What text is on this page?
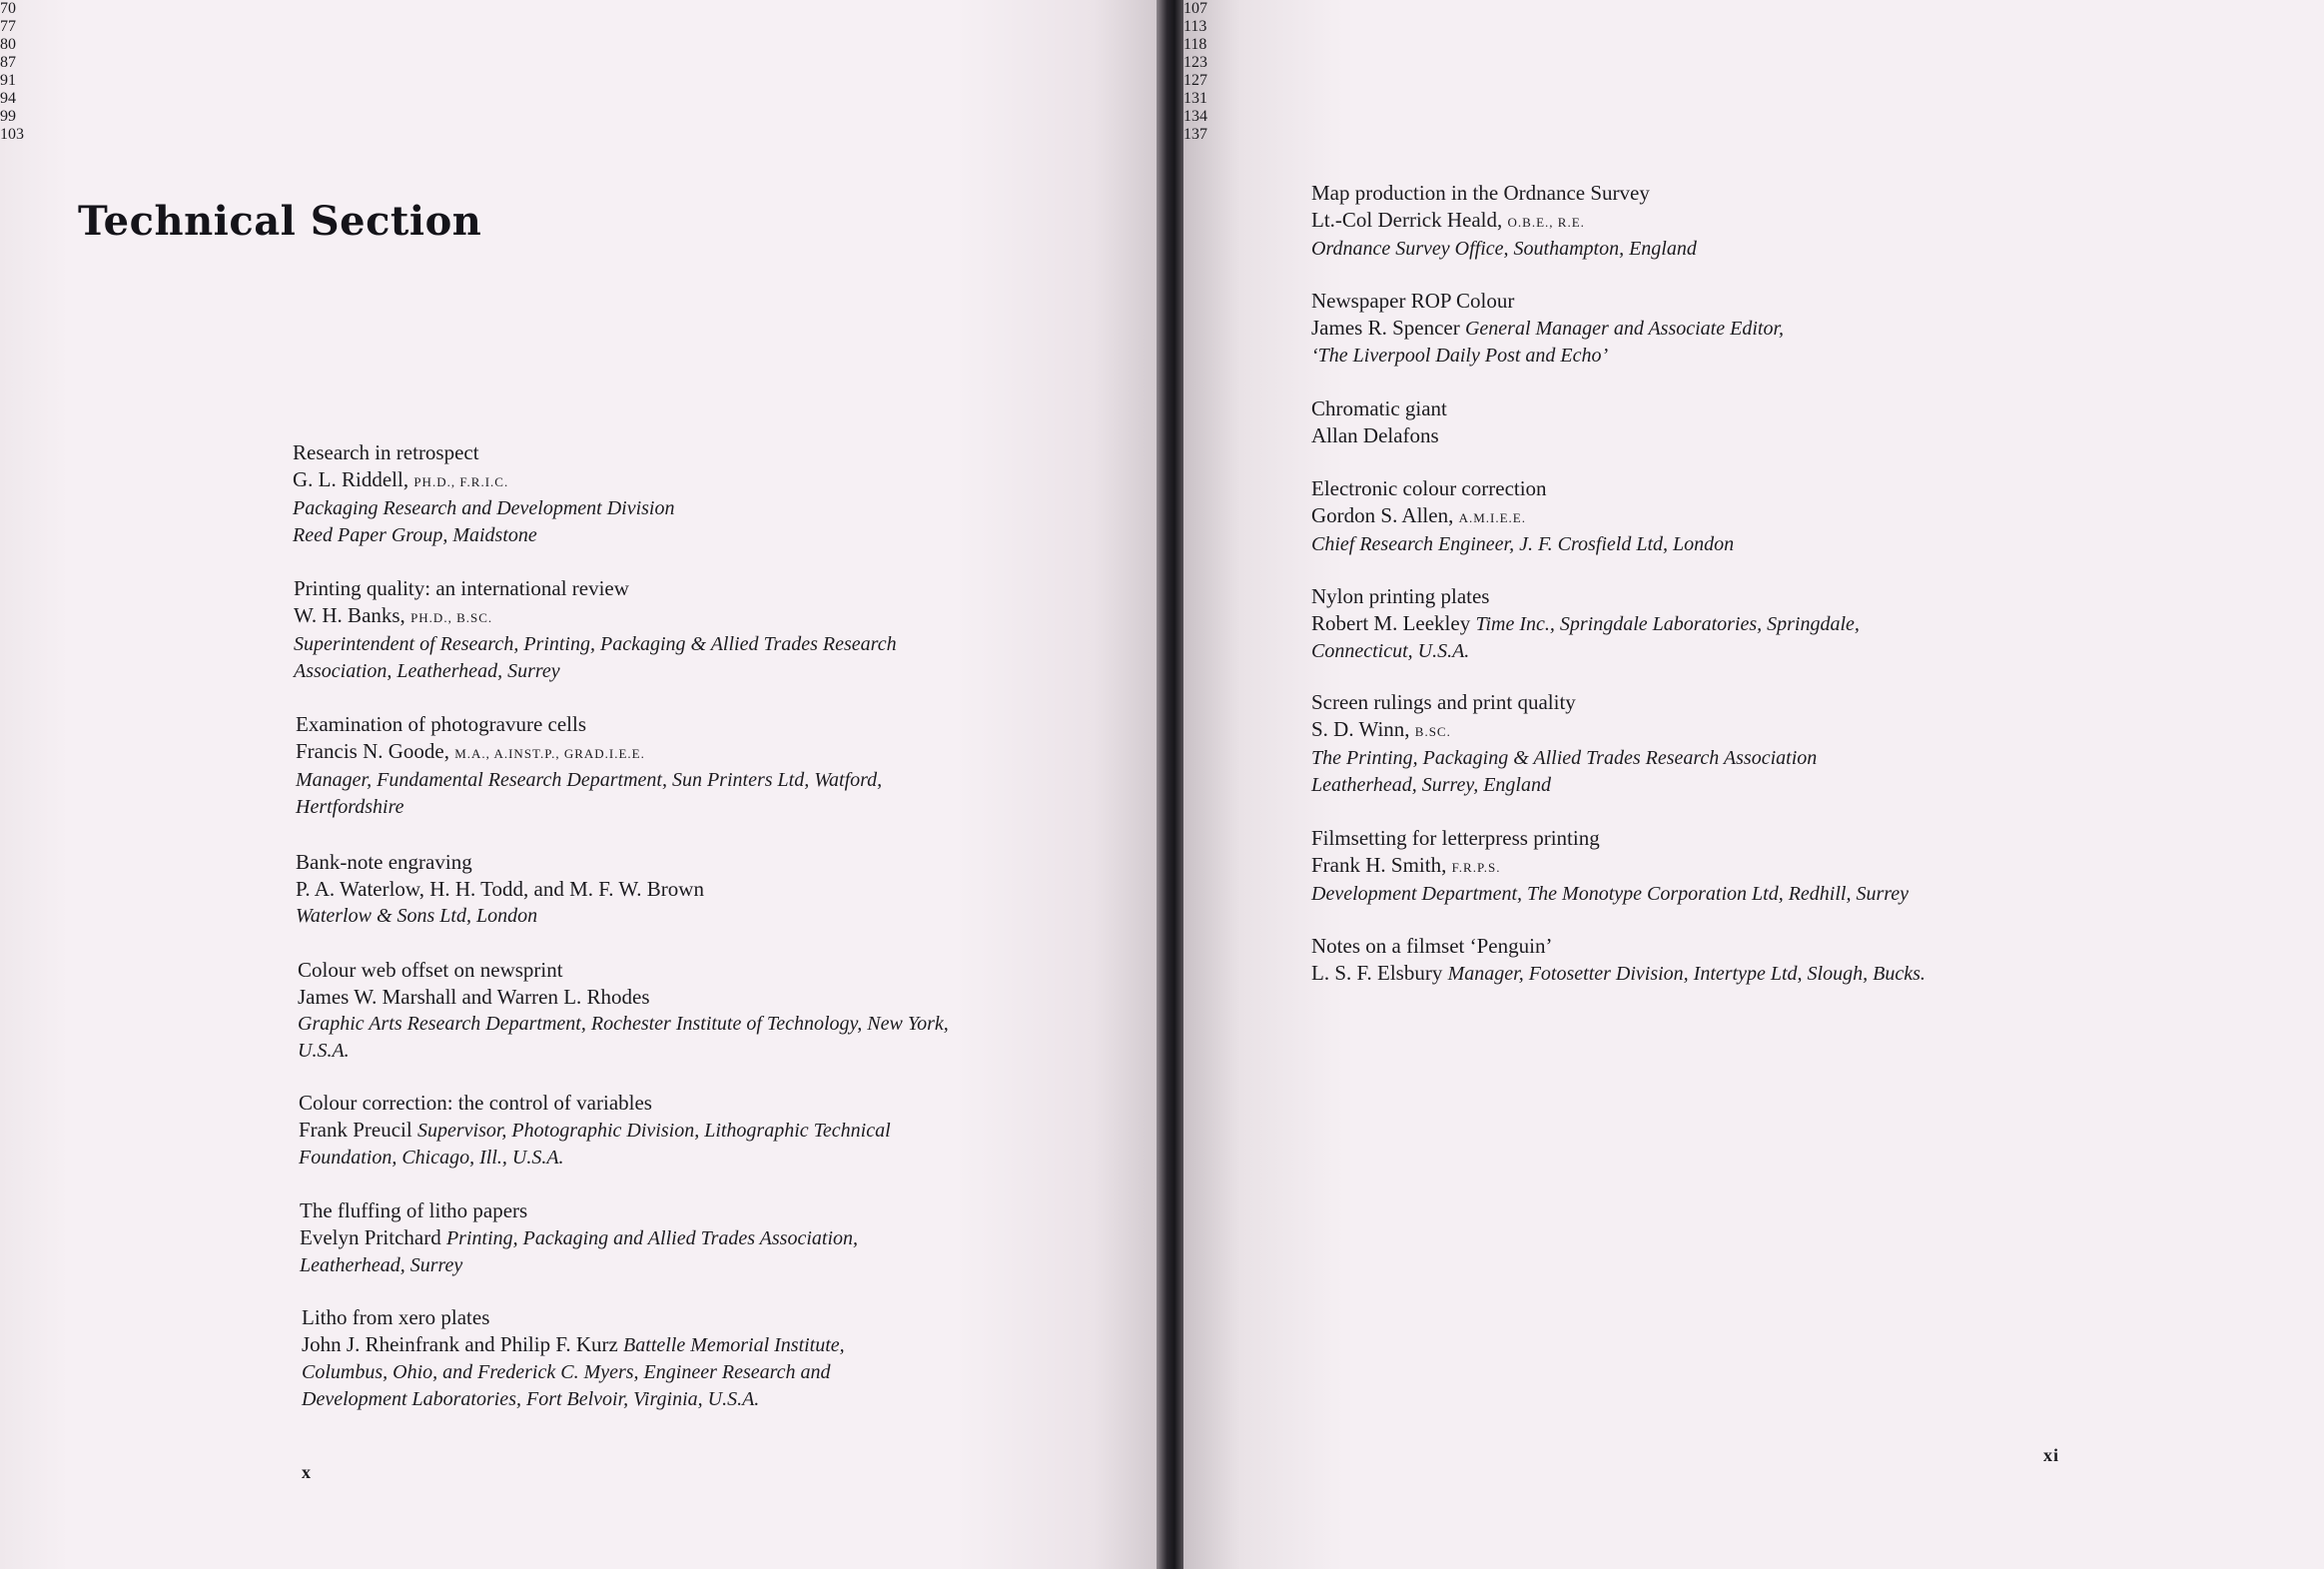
Technical Section
Research in retrospect
G. L. Riddell, PH.D., F.R.I.C.
Packaging Research and Development Division
Reed Paper Group, Maidstone
70
Printing quality: an international review
W. H. Banks, PH.D., B.SC.
Superintendent of Research, Printing, Packaging & Allied Trades Research
Association, Leatherhead, Surrey
77
Examination of photogravure cells
Francis N. Goode, M.A., A.INST.P., GRAD.I.E.E.
Manager, Fundamental Research Department, Sun Printers Ltd, Watford,
Hertfordshire
80
Bank-note engraving
P. A. Waterlow, H. H. Todd, and M. F. W. Brown
Waterlow & Sons Ltd, London
87
Colour web offset on newsprint
James W. Marshall and Warren L. Rhodes
Graphic Arts Research Department, Rochester Institute of Technology, New York,
U.S.A.
91
Colour correction: the control of variables
Frank Preucil Supervisor, Photographic Division, Lithographic Technical
Foundation, Chicago, Ill., U.S.A.
94
The fluffing of litho papers
Evelyn Pritchard Printing, Packaging and Allied Trades Association,
Leatherhead, Surrey
99
Litho from xero plates
John J. Rheinfrank and Philip F. Kurz Battelle Memorial Institute,
Columbus, Ohio, and Frederick C. Myers, Engineer Research and
Development Laboratories, Fort Belvoir, Virginia, U.S.A.
103
x
Map production in the Ordnance Survey
Lt.-Col Derrick Heald, O.B.E., R.E.
Ordnance Survey Office, Southampton, England
107
Newspaper ROP Colour
James R. Spencer General Manager and Associate Editor,
‘The Liverpool Daily Post and Echo’
113
Chromatic giant
Allan Delafons
118
Electronic colour correction
Gordon S. Allen, A.M.I.E.E.
Chief Research Engineer, J. F. Crosfield Ltd, London
123
Nylon printing plates
Robert M. Leekley Time Inc., Springdale Laboratories, Springdale,
Connecticut, U.S.A.
127
Screen rulings and print quality
S. D. Winn, B.SC.
The Printing, Packaging & Allied Trades Research Association
Leatherhead, Surrey, England
131
Filmsetting for letterpress printing
Frank H. Smith, F.R.P.S.
Development Department, The Monotype Corporation Ltd, Redhill, Surrey
134
Notes on a filmset ‘Penguin’
L. S. F. Elsbury Manager, Fotosetter Division, Intertype Ltd, Slough, Bucks.
137
xi
